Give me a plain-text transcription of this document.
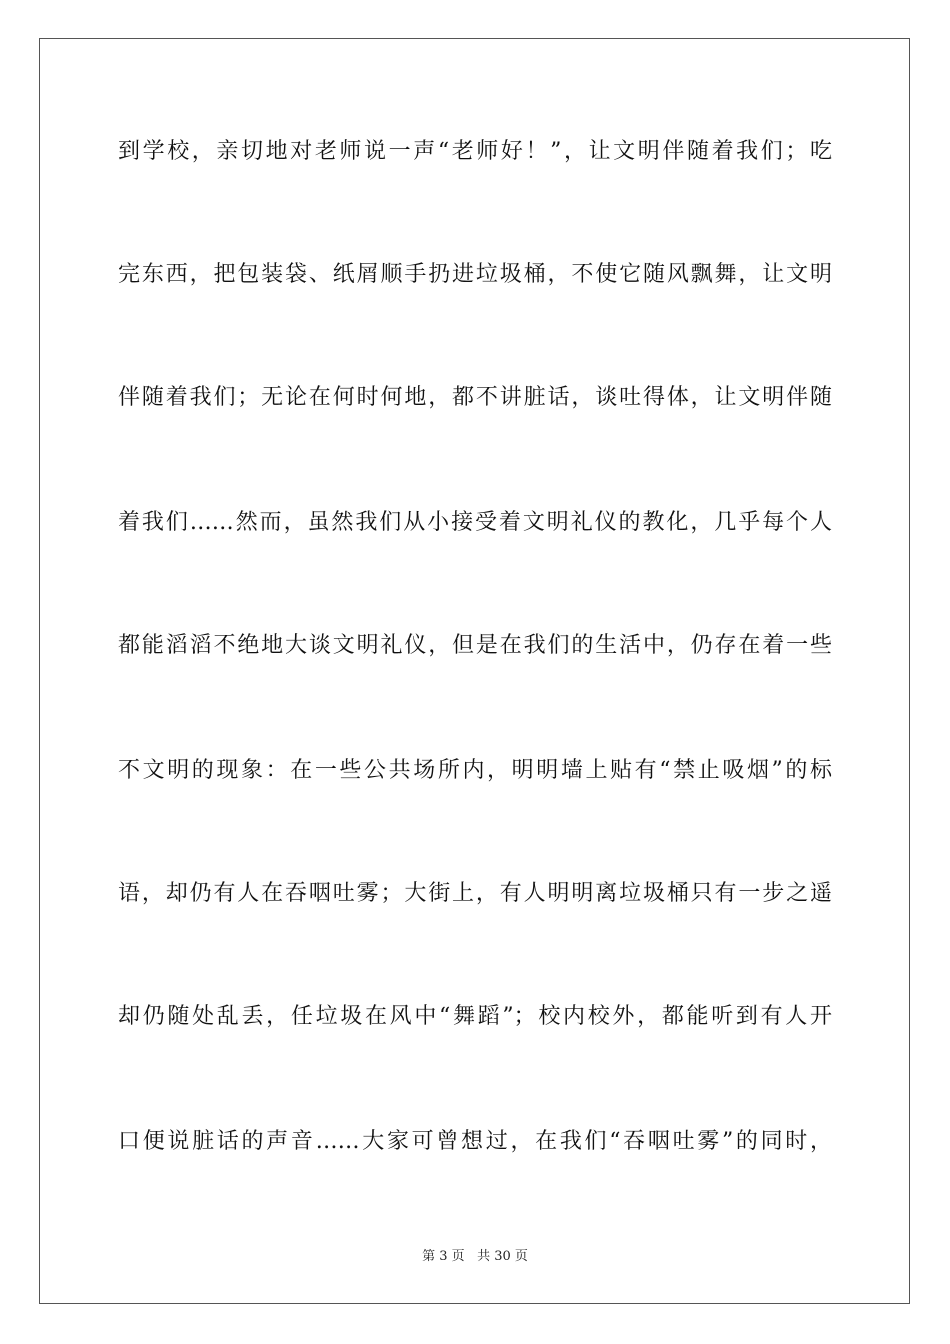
到学校，亲切地对老师说一声“老师好！”，让文明伴随着我们；吃
完东西，把包装袋、纸屑顺手扔进垃圾桶，不使它随风飘舞，让文明
伴随着我们；无论在何时何地，都不讲脏话，谈吐得体，让文明伴随
着我们……然而，虽然我们从小接受着文明礼仪的教化，几乎每个人
都能滔滔不绝地大谈文明礼仪，但是在我们的生活中，仍存在着一些
不文明的现象：在一些公共场所内，明明墙上贴有“禁止吸烟”的标
语，却仍有人在吞咽吐雾；大街上，有人明明离垃圾桶只有一步之遥
却仍随处乱丢，任垃圾在风中“舞蹈”；校内校外，都能听到有人开
口便说脏话的声音……大家可曾想过，在我们“吞咽吐雾”的同时，
第 3 页 共 30 页
